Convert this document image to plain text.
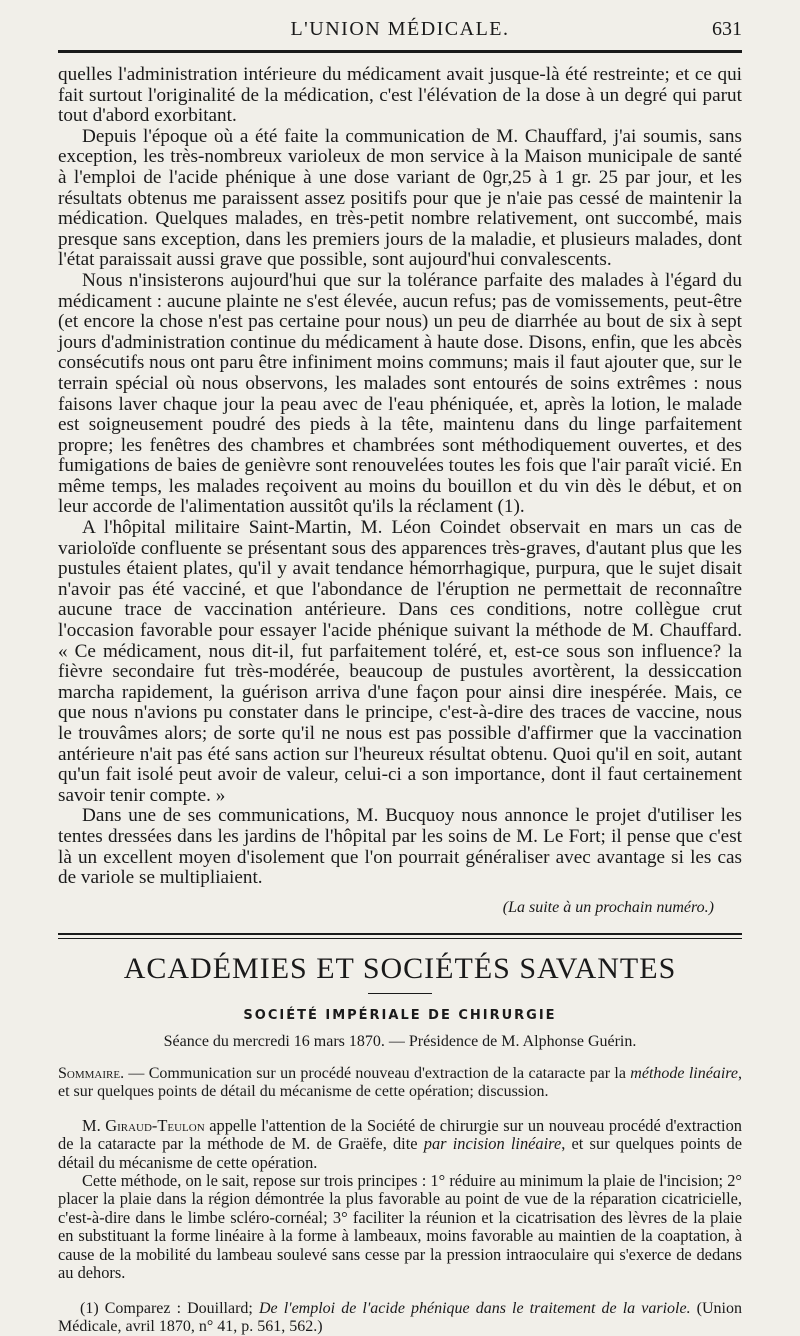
L'UNION MÉDICALE.	631

quelles l'administration intérieure du médicament avait jusque-là été restreinte; et ce qui fait surtout l'originalité de la médication, c'est l'élévation de la dose à un degré qui parut tout d'abord exorbitant.

Depuis l'époque où a été faite la communication de M. Chauffard, j'ai soumis, sans exception, les très-nombreux varioleux de mon service à la Maison municipale de santé à l'emploi de l'acide phénique à une dose variant de 0gr,25 à 1 gr. 25 par jour, et les résultats obtenus me paraissent assez positifs pour que je n'aie pas cessé de maintenir la médication. Quelques malades, en très-petit nombre relativement, ont succombé, mais presque sans exception, dans les premiers jours de la maladie, et plusieurs malades, dont l'état paraissait aussi grave que possible, sont aujourd'hui convalescents.

Nous n'insisterons aujourd'hui que sur la tolérance parfaite des malades à l'égard du médicament : aucune plainte ne s'est élevée, aucun refus; pas de vomissements, peut-être (et encore la chose n'est pas certaine pour nous) un peu de diarrhée au bout de six à sept jours d'administration continue du médicament à haute dose. Disons, enfin, que les abcès consécutifs nous ont paru être infiniment moins communs; mais il faut ajouter que, sur le terrain spécial où nous observons, les malades sont entourés de soins extrêmes : nous faisons laver chaque jour la peau avec de l'eau phéniquée, et, après la lotion, le malade est soigneusement poudré des pieds à la tête, maintenu dans du linge parfaitement propre; les fenêtres des chambres et chambrées sont méthodiquement ouvertes, et des fumigations de baies de genièvre sont renouvelées toutes les fois que l'air paraît vicié. En même temps, les malades reçoivent au moins du bouillon et du vin dès le début, et on leur accorde de l'alimentation aussitôt qu'ils la réclament (1).

A l'hôpital militaire Saint-Martin, M. Léon Coindet observait en mars un cas de varioloïde confluente se présentant sous des apparences très-graves, d'autant plus que les pustules étaient plates, qu'il y avait tendance hémorrhagique, purpura, que le sujet disait n'avoir pas été vacciné, et que l'abondance de l'éruption ne permettait de reconnaître aucune trace de vaccination antérieure. Dans ces conditions, notre collègue crut l'occasion favorable pour essayer l'acide phénique suivant la méthode de M. Chauffard. « Ce médicament, nous dit-il, fut parfaitement toléré, et, est-ce sous son influence? la fièvre secondaire fut très-modérée, beaucoup de pustules avortèrent, la dessiccation marcha rapidement, la guérison arriva d'une façon pour ainsi dire inespérée. Mais, ce que nous n'avions pu constater dans le principe, c'est-à-dire des traces de vaccine, nous le trouvâmes alors; de sorte qu'il ne nous est pas possible d'affirmer que la vaccination antérieure n'ait pas été sans action sur l'heureux résultat obtenu. Quoi qu'il en soit, autant qu'un fait isolé peut avoir de valeur, celui-ci a son importance, dont il faut certainement savoir tenir compte. »

Dans une de ses communications, M. Bucquoy nous annonce le projet d'utiliser les tentes dressées dans les jardins de l'hôpital par les soins de M. Le Fort; il pense que c'est là un excellent moyen d'isolement que l'on pourrait généraliser avec avantage si les cas de variole se multipliaient.

(La suite à un prochain numéro.)
ACADÉMIES ET SOCIÉTÉS SAVANTES
SOCIÉTÉ IMPÉRIALE DE CHIRURGIE
Séance du mercredi 16 mars 1870. — Présidence de M. Alphonse Guérin.
Sommaire. — Communication sur un procédé nouveau d'extraction de la cataracte par la méthode linéaire, et sur quelques points de détail du mécanisme de cette opération; discussion.

M. Giraud-Teulon appelle l'attention de la Société de chirurgie sur un nouveau procédé d'extraction de la cataracte par la méthode de M. de Graëfe, dite par incision linéaire, et sur quelques points de détail du mécanisme de cette opération.

Cette méthode, on le sait, repose sur trois principes : 1° réduire au minimum la plaie de l'incision; 2° placer la plaie dans la région démontrée la plus favorable au point de vue de la réparation cicatricielle, c'est-à-dire dans le limbe scléro-cornéal; 3° faciliter la réunion et la cicatrisation des lèvres de la plaie en substituant la forme linéaire à la forme à lambeaux, moins favorable au maintien de la coaptation, à cause de la mobilité du lambeau soulevé sans cesse par la pression intraoculaire qui s'exerce de dedans au dehors.

(1) Comparez : Douillard; De l'emploi de l'acide phénique dans le traitement de la variole. (Union Médicale, avril 1870, n° 41, p. 561, 562.)
